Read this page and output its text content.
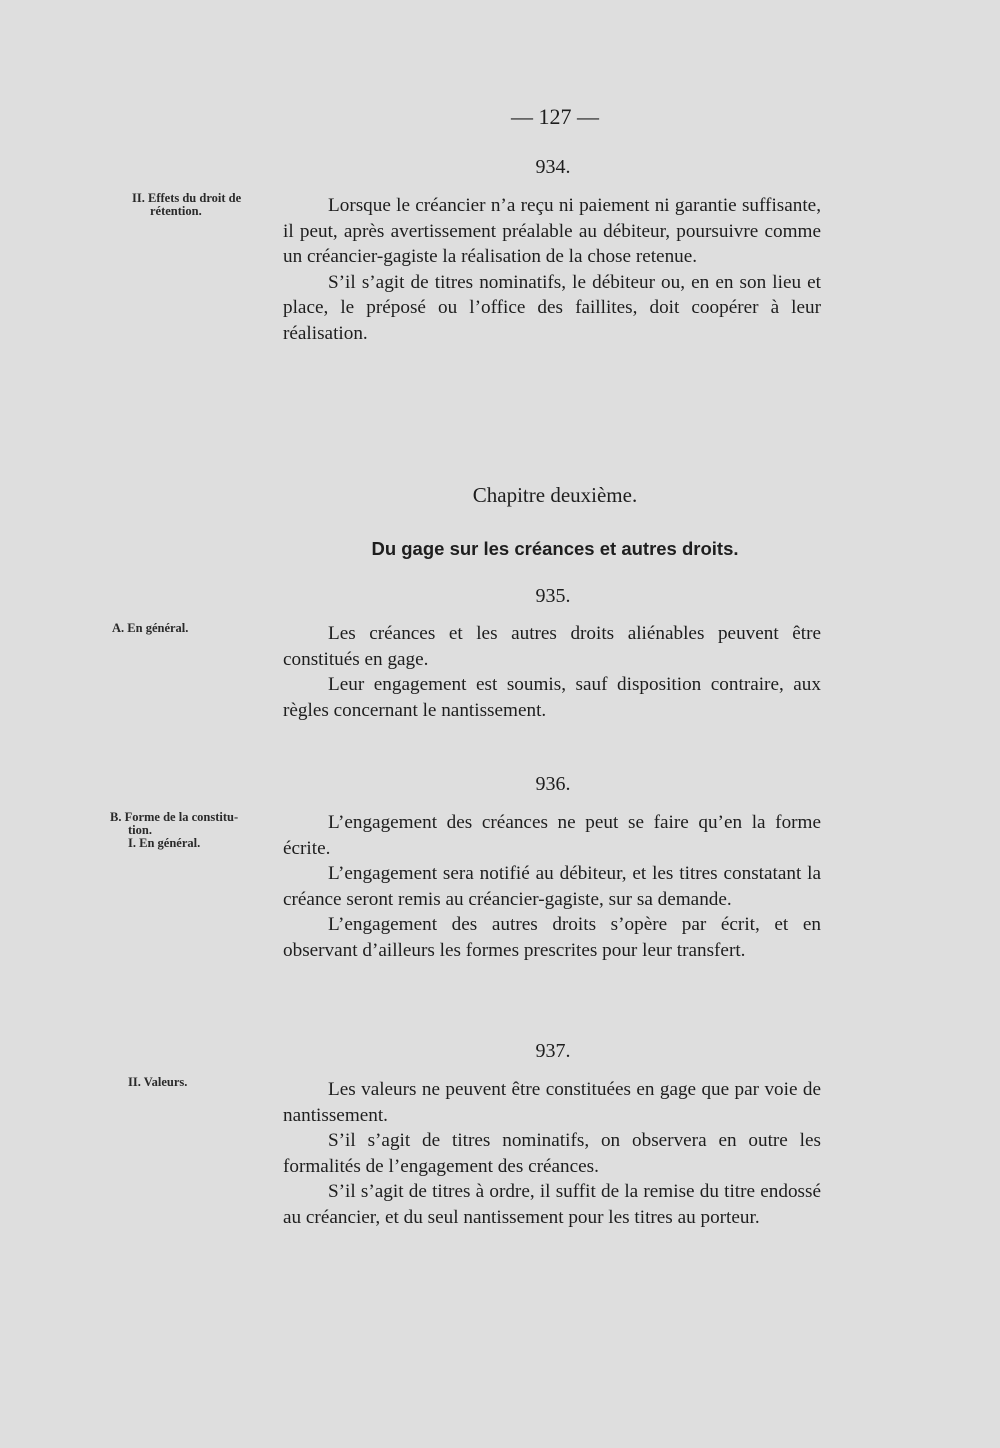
— 127 —
934.
II. Effets du droit de
rétention.	Lorsque le créancier n’a reçu ni paiement ni garantie suffisante, il peut, après avertissement préalable au débiteur, poursuivre comme un créancier-gagiste la réalisation de la chose retenue.

S’il s’agit de titres nominatifs, le débiteur ou, en en son lieu et place, le préposé ou l’office des faillites, doit coopérer à leur réalisation.

Chapitre deuxième.
Du gage sur les créances et autres droits.
935.
A. En général.	Les créances et les autres droits aliénables peuvent être constitués en gage.

Leur engagement est soumis, sauf disposition contraire, aux règles concernant le nantissement.

936.
B. Forme de la constitu-
tion.
I. En général.

L’engagement des créances ne peut se faire qu’en la forme écrite.

L’engagement sera notifié au débiteur, et les titres constatant la créance seront remis au créancier-gagiste, sur sa demande.

L’engagement des autres droits s’opère par écrit, et en observant d’ailleurs les formes prescrites pour leur transfert.

937.
II. Valeurs.	Les valeurs ne peuvent être constituées en gage que par voie de nantissement.

S’il s’agit de titres nominatifs, on observera en outre les formalités de l’engagement des créances.

S’il s’agit de titres à ordre, il suffit de la remise du titre endossé au créancier, et du seul nantissement pour les titres au porteur.
